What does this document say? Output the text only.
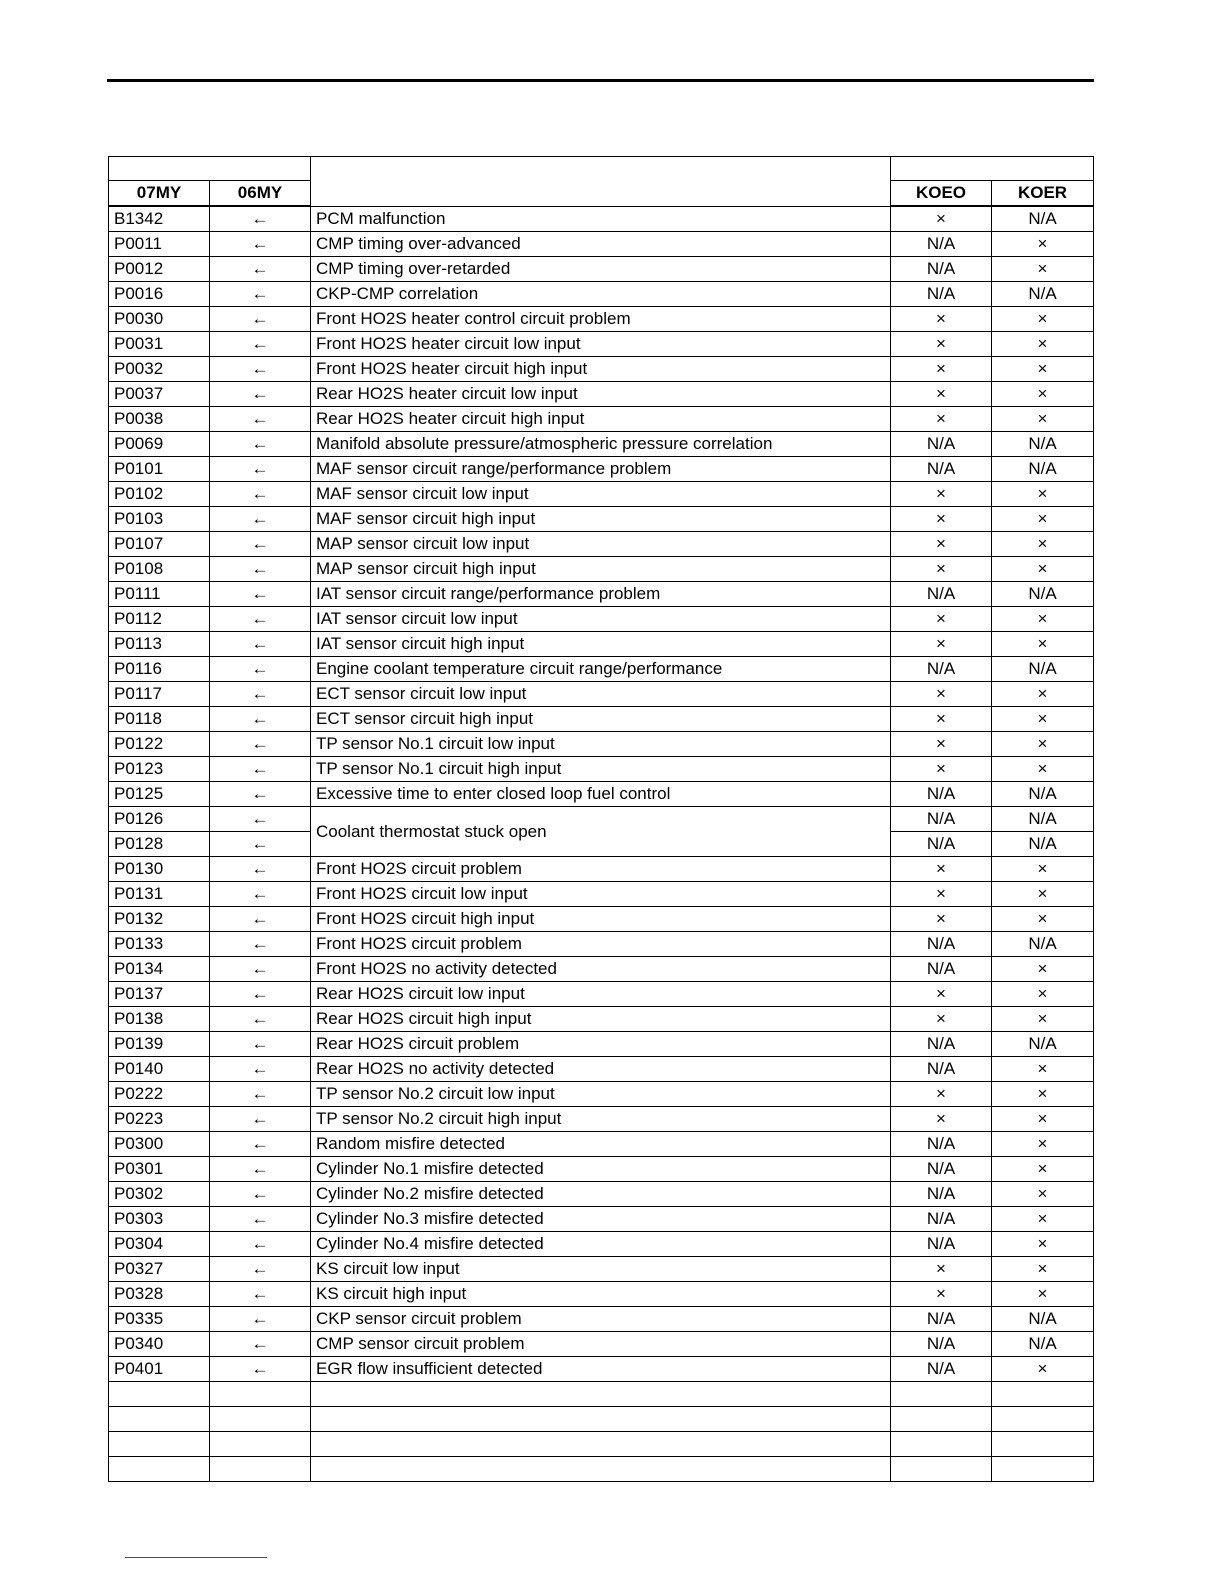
07MY	06MY		KOEO	KOER
B1342	←	PCM malfunction	×	N/A
P0011	←	CMP timing over-advanced	N/A	×
P0012	←	CMP timing over-retarded	N/A	×
P0016	←	CKP-CMP correlation	N/A	N/A
P0030	←	Front HO2S heater control circuit problem	×	×
P0031	←	Front HO2S heater circuit low input	×	×
P0032	←	Front HO2S heater circuit high input	×	×
P0037	←	Rear HO2S heater circuit low input	×	×
P0038	←	Rear HO2S heater circuit high input	×	×
P0069	←	Manifold absolute pressure/atmospheric pressure correlation	N/A	N/A
P0101	←	MAF sensor circuit range/performance problem	N/A	N/A
P0102	←	MAF sensor circuit low input	×	×
P0103	←	MAF sensor circuit high input	×	×
P0107	←	MAP sensor circuit low input	×	×
P0108	←	MAP sensor circuit high input	×	×
P0111	←	IAT sensor circuit range/performance problem	N/A	N/A
P0112	←	IAT sensor circuit low input	×	×
P0113	←	IAT sensor circuit high input	×	×
P0116	←	Engine coolant temperature circuit range/performance	N/A	N/A
P0117	←	ECT sensor circuit low input	×	×
P0118	←	ECT sensor circuit high input	×	×
P0122	←	TP sensor No.1 circuit low input	×	×
P0123	←	TP sensor No.1 circuit high input	×	×
P0125	←	Excessive time to enter closed loop fuel control	N/A	N/A
P0126	←	Coolant thermostat stuck open	N/A	N/A
P0128	←		N/A	N/A
P0130	←	Front HO2S circuit problem	×	×
P0131	←	Front HO2S circuit low input	×	×
P0132	←	Front HO2S circuit high input	×	×
P0133	←	Front HO2S circuit problem	N/A	N/A
P0134	←	Front HO2S no activity detected	N/A	×
P0137	←	Rear HO2S circuit low input	×	×
P0138	←	Rear HO2S circuit high input	×	×
P0139	←	Rear HO2S circuit problem	N/A	N/A
P0140	←	Rear HO2S no activity detected	N/A	×
P0222	←	TP sensor No.2 circuit low input	×	×
P0223	←	TP sensor No.2 circuit high input	×	×
P0300	←	Random misfire detected	N/A	×
P0301	←	Cylinder No.1 misfire detected	N/A	×
P0302	←	Cylinder No.2 misfire detected	N/A	×
P0303	←	Cylinder No.3 misfire detected	N/A	×
P0304	←	Cylinder No.4 misfire detected	N/A	×
P0327	←	KS circuit low input	×	×
P0328	←	KS circuit high input	×	×
P0335	←	CKP sensor circuit problem	N/A	N/A
P0340	←	CMP sensor circuit problem	N/A	N/A
P0401	←	EGR flow insufficient detected	N/A	×
